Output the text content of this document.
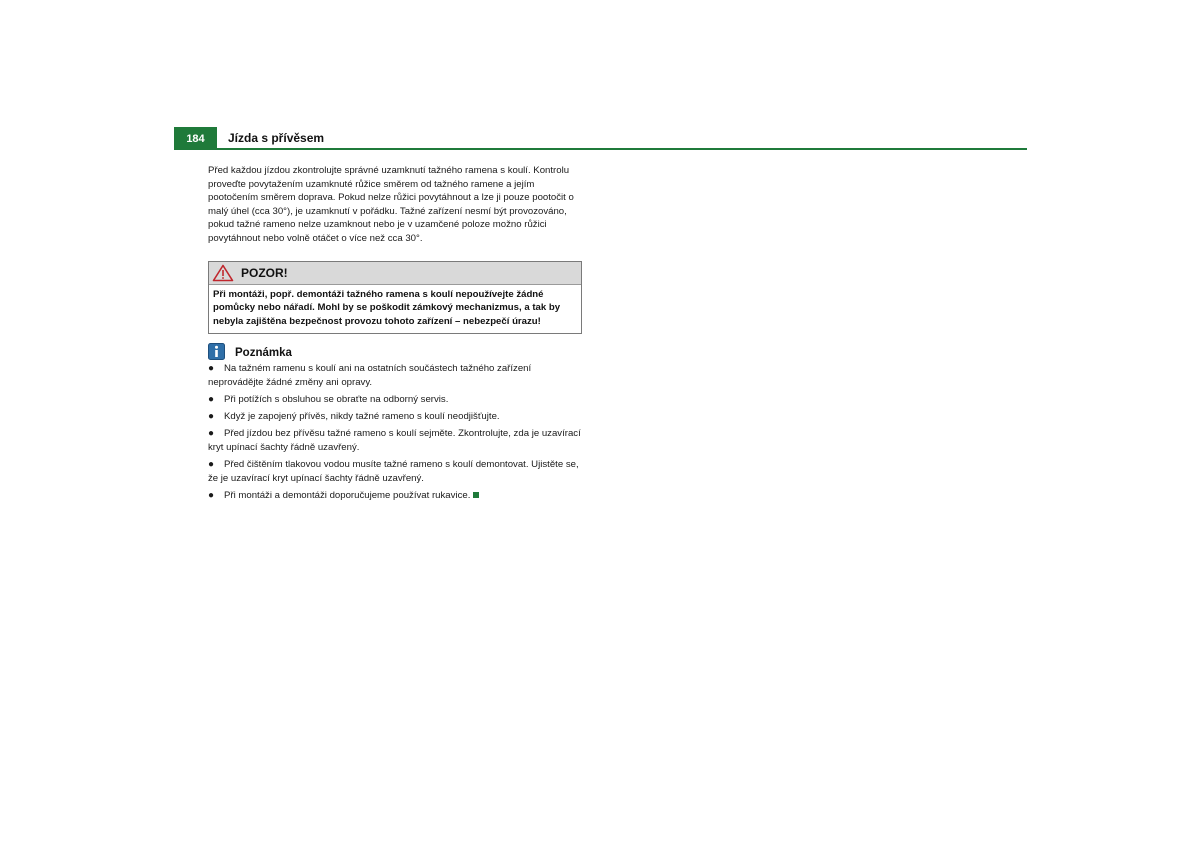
184	Jízda s přívěsem

Před každou jízdou zkontrolujte správné uzamknutí tažného ramena s koulí. Kontrolu proveďte povytažením uzamknuté růžice směrem od tažného ramene a jejím pootočením směrem doprava. Pokud nelze růžici povytáhnout a lze ji pouze pootočit o malý úhel (cca 30°), je uzamknutí v pořádku. Tažné zařízení nesmí být provozováno, pokud tažné rameno nelze uzamknout nebo je v uzamčené poloze možno růžici povytáhnout nebo volně otáčet o více než cca 30°.

POZOR!
Při montáži, popř. demontáži tažného ramena s koulí nepoužívejte žádné pomůcky nebo nářadí. Mohl by se poškodit zámkový mechanizmus, a tak by nebyla zajištěna bezpečnost provozu tohoto zařízení – nebezpečí úrazu!
Poznámka
● Na tažném ramenu s koulí ani na ostatních součástech tažného zařízení neprovádějte žádné změny ani opravy.
● Při potížích s obsluhou se obraťte na odborný servis.
● Když je zapojený přívěs, nikdy tažné rameno s koulí neodjišťujte.
● Před jízdou bez přívěsu tažné rameno s koulí sejměte. Zkontrolujte, zda je uzavírací kryt upínací šachty řádně uzavřený.
● Před čištěním tlakovou vodou musíte tažné rameno s koulí demontovat. Ujistěte se, že je uzavírací kryt upínací šachty řádně uzavřený.
● Při montáži a demontáži doporučujeme používat rukavice.
